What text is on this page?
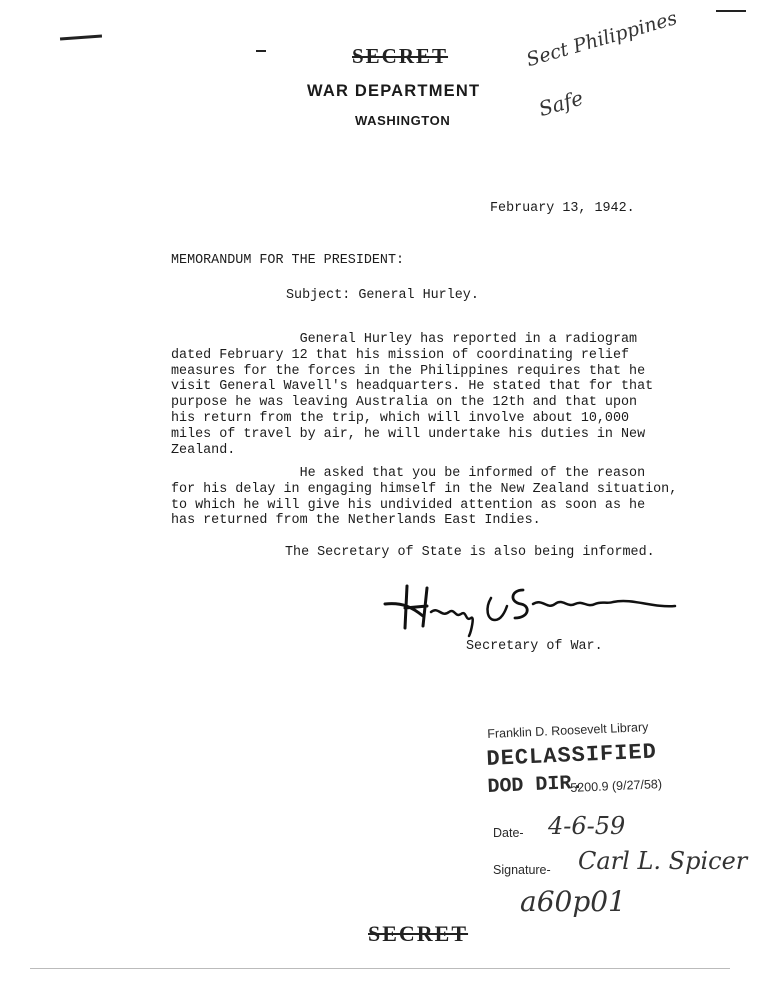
SECRET
WAR DEPARTMENT
WASHINGTON
Sect Philippines
Safe
February 13, 1942.
MEMORANDUM FOR THE PRESIDENT:
Subject: General Hurley.
General Hurley has reported in a radiogram
dated February 12 that his mission of coordinating relief
measures for the forces in the Philippines requires that he
visit General Wavell's headquarters. He stated that for that
purpose he was leaving Australia on the 12th and that upon
his return from the trip, which will involve about 10,000
miles of travel by air, he will undertake his duties in New
Zealand.
He asked that you be informed of the reason
for his delay in engaging himself in the New Zealand situation,
to which he will give his undivided attention as soon as he
has returned from the Netherlands East Indies.
The Secretary of State is also being informed.
Secretary of War.
Franklin D. Roosevelt Library
DECLASSIFIED
DOD DIR.
5200.9 (9/27/58)
Date- 4-6-59
Signature- Carl L. Spicer
a60p01
SECRET
